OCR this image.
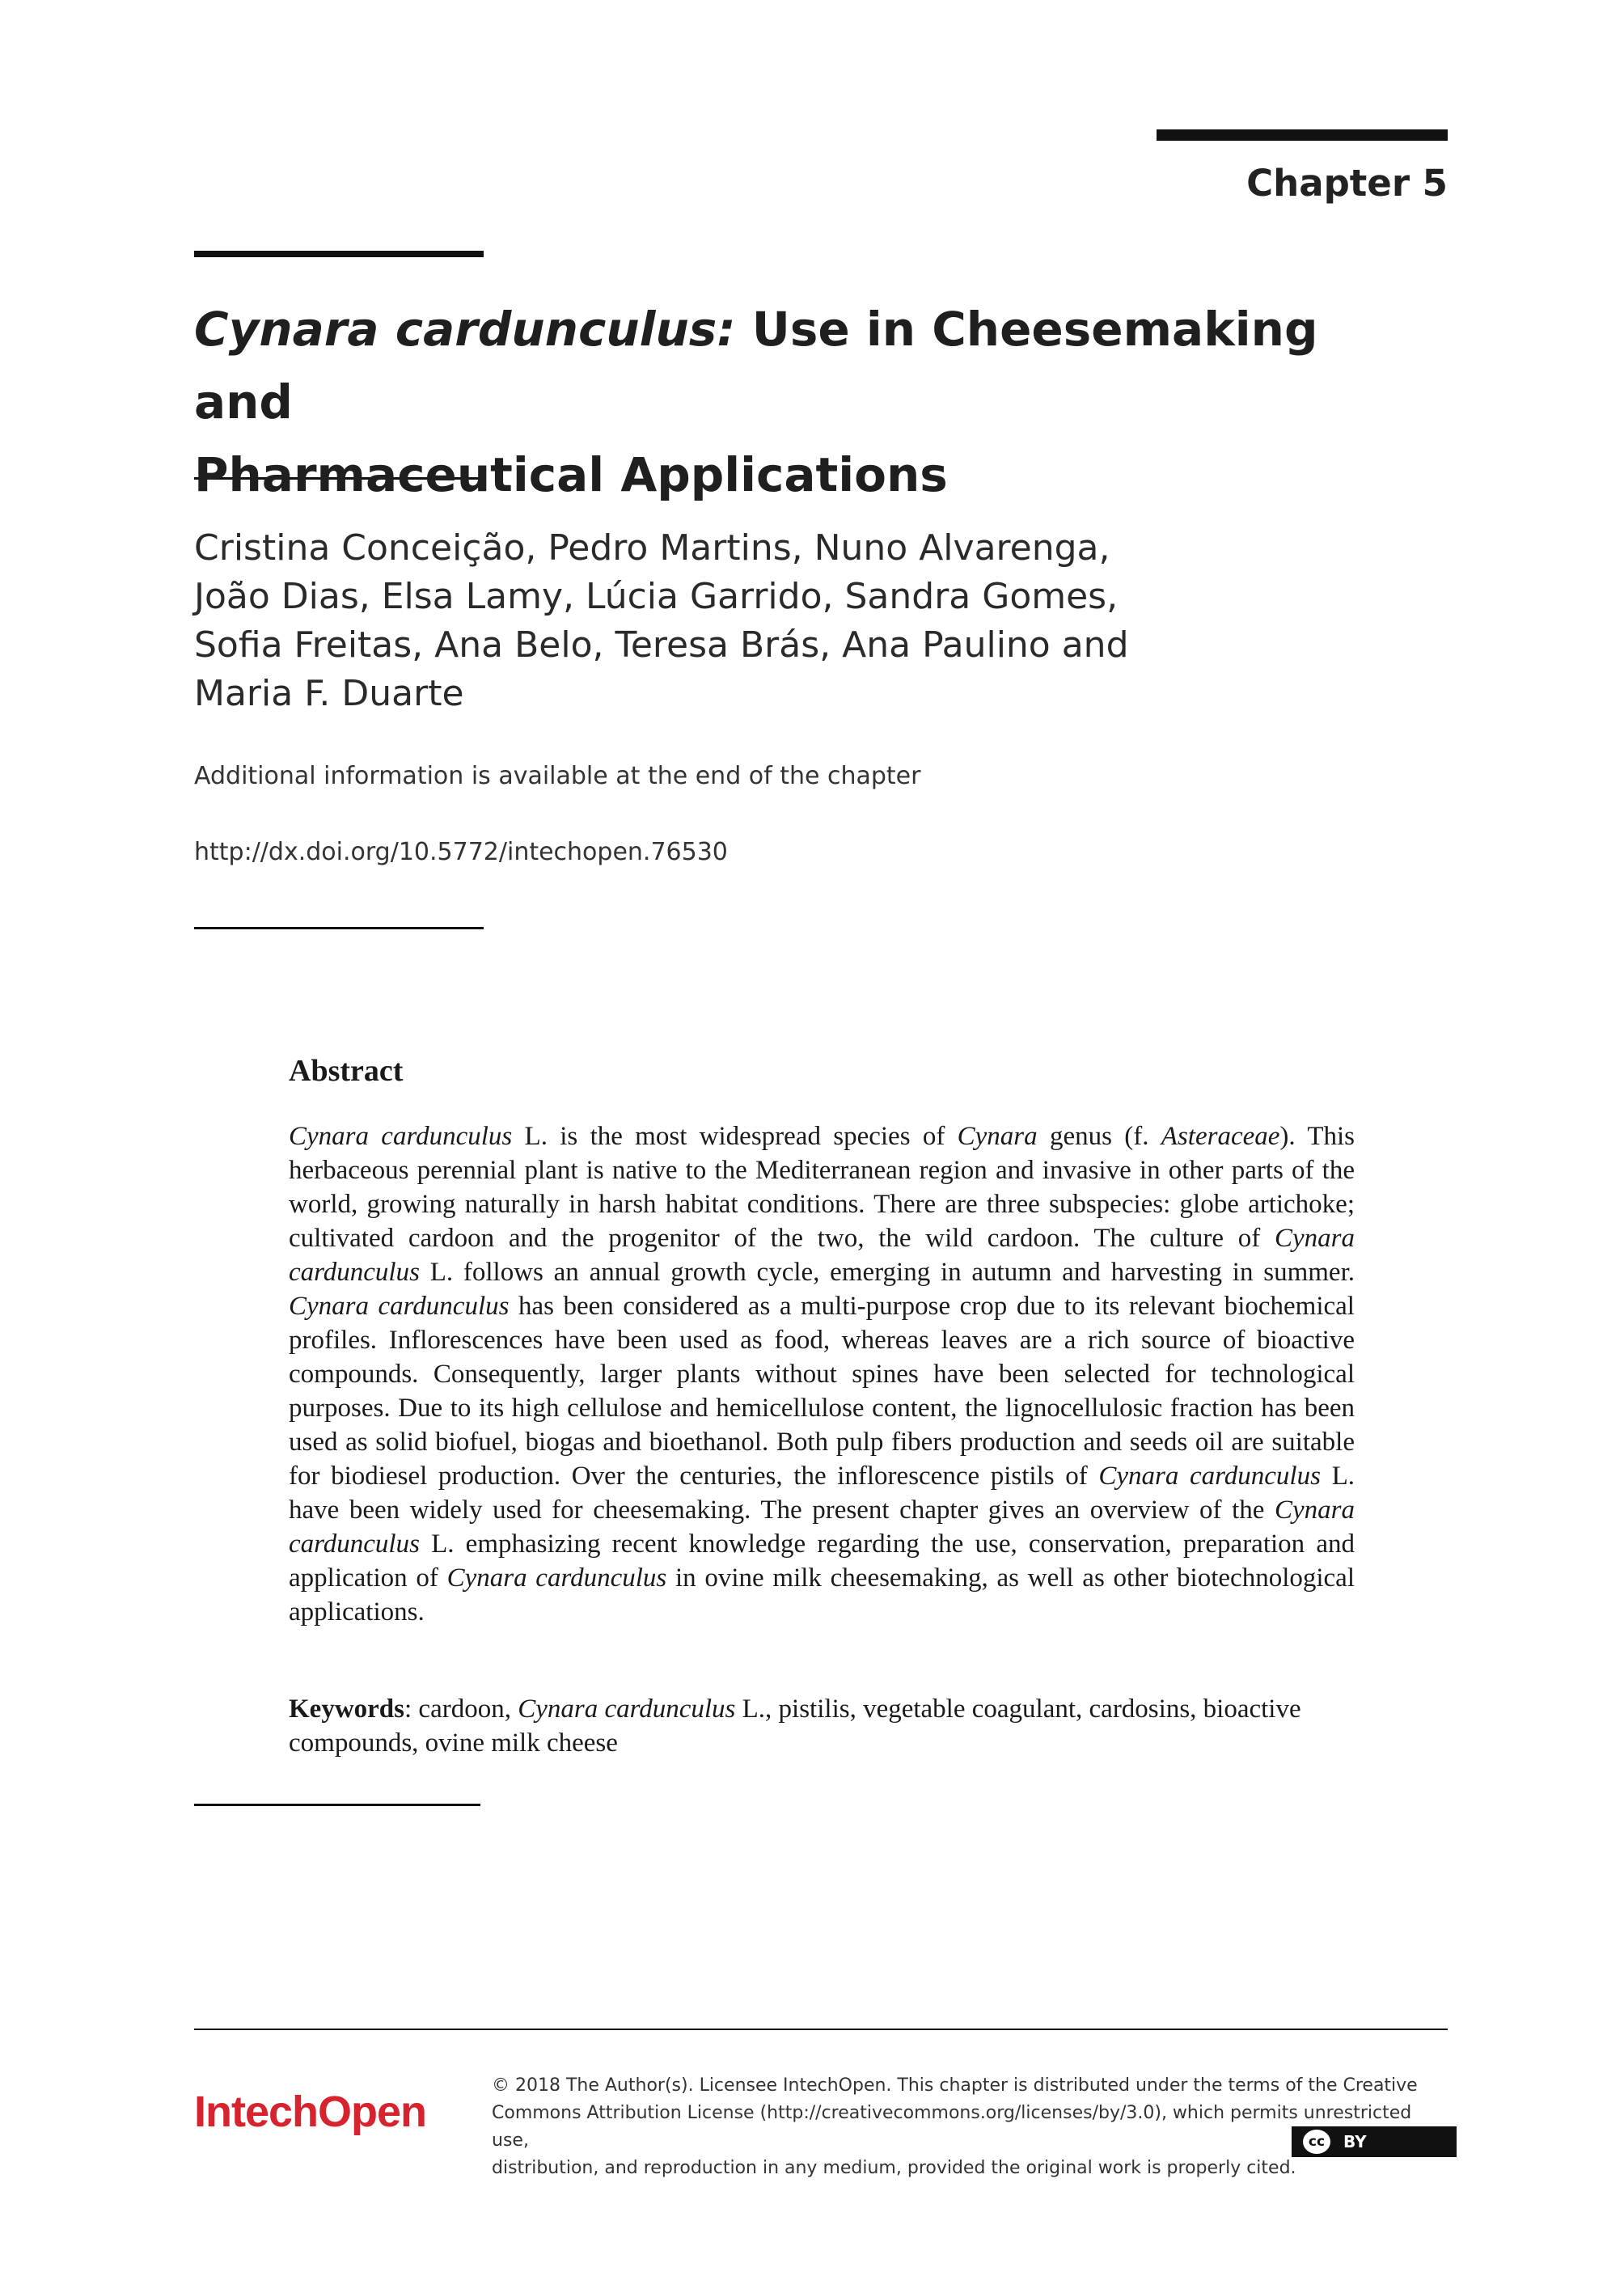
Chapter 5
Cynara cardunculus: Use in Cheesemaking and
Pharmaceutical Applications
Cristina Conceição, Pedro Martins, Nuno Alvarenga,
João Dias, Elsa Lamy, Lúcia Garrido, Sandra Gomes,
Sofia Freitas, Ana Belo, Teresa Brás, Ana Paulino and
Maria F. Duarte
Additional information is available at the end of the chapter
http://dx.doi.org/10.5772/intechopen.76530
Abstract

Cynara cardunculus L. is the most widespread species of Cynara genus (f. Asteraceae). This herbaceous perennial plant is native to the Mediterranean region and invasive in other parts of the world, growing naturally in harsh habitat conditions. There are three subspecies: globe artichoke; cultivated cardoon and the progenitor of the two, the wild cardoon. The culture of Cynara cardunculus L. follows an annual growth cycle, emerging in autumn and harvesting in summer. Cynara cardunculus has been considered as a multi-purpose crop due to its relevant biochemical profiles. Inflorescences have been used as food, whereas leaves are a rich source of bioactive compounds. Consequently, larger plants without spines have been selected for technological purposes. Due to its high cellulose and hemicellulose content, the lignocellulosic fraction has been used as solid biofuel, biogas and bioethanol. Both pulp fibers production and seeds oil are suitable for biodiesel production. Over the centuries, the inflorescence pistils of Cynara cardunculus L. have been widely used for cheesemaking. The present chapter gives an overview of the Cynara cardunculus L. emphasizing recent knowledge regarding the use, conservation, preparation and application of Cynara cardunculus in ovine milk cheesemaking, as well as other biotechnological applications.

Keywords: cardoon, Cynara cardunculus L., pistilis, vegetable coagulant, cardosins, bioactive compounds, ovine milk cheese

IntechOpen
© 2018 The Author(s). Licensee IntechOpen. This chapter is distributed under the terms of the Creative
Commons Attribution License (http://creativecommons.org/licenses/by/3.0), which permits unrestricted use,
distribution, and reproduction in any medium, provided the original work is properly cited.
cc	BY
